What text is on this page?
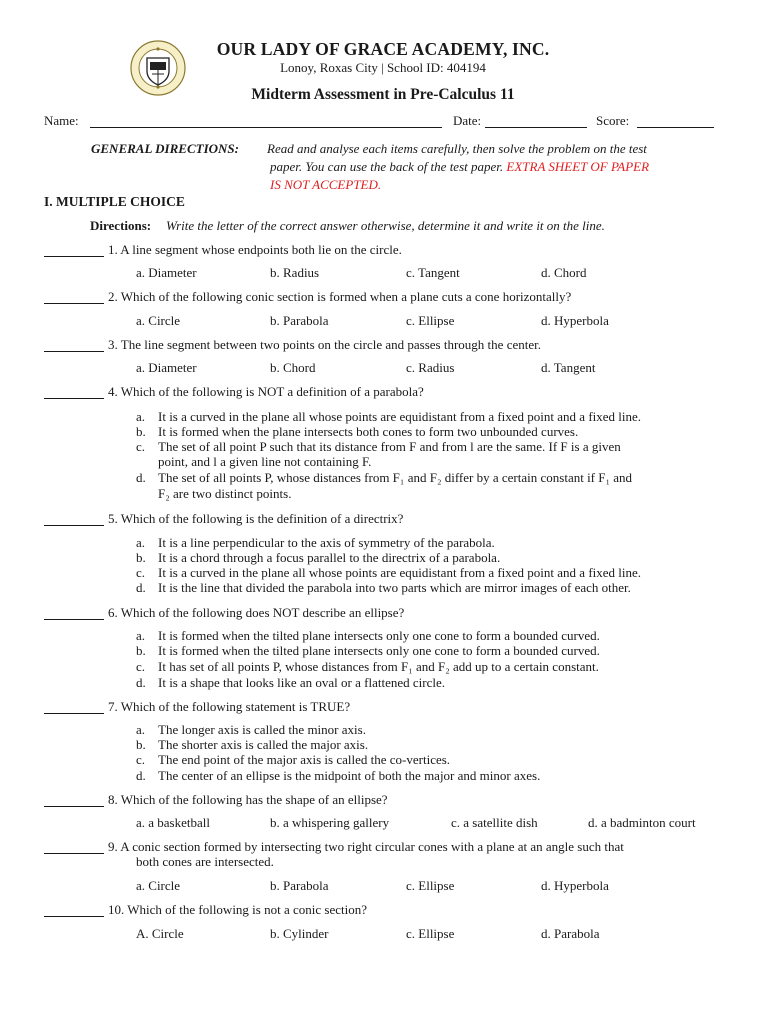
OUR LADY OF GRACE ACADEMY, INC.
Lonoy, Roxas City | School ID: 404194
Midterm Assessment in Pre-Calculus 11
Name:	Date:	Score:
GENERAL DIRECTIONS: Read and analyse each items carefully, then solve the problem on the test
paper. You can use the back of the test paper. EXTRA SHEET OF PAPER
IS NOT ACCEPTED.
I. MULTIPLE CHOICE
Directions: Write the letter of the correct answer otherwise, determine it and write it on the line.
1. A line segment whose endpoints both lie on the circle.
a. Diameter	b. Radius	c. Tangent	d. Chord
2. Which of the following conic section is formed when a plane cuts a cone horizontally?
a. Circle	b. Parabola	c. Ellipse	d. Hyperbola
3. The line segment between two points on the circle and passes through the center.
a. Diameter	b. Chord	c. Radius	d. Tangent
4. Which of the following is NOT a definition of a parabola?
a. It is a curved in the plane all whose points are equidistant from a fixed point and a fixed line.
b. It is formed when the plane intersects both cones to form two unbounded curves.
c. The set of all point P such that its distance from F and from l are the same. If F is a given
point, and l a given line not containing F.
d. The set of all points P, whose distances from F₁ and F₂ differ by a certain constant if F₁ and
F₂ are two distinct points.
5. Which of the following is the definition of a directrix?
a. It is a line perpendicular to the axis of symmetry of the parabola.
b. It is a chord through a focus parallel to the directrix of a parabola.
c. It is a curved in the plane all whose points are equidistant from a fixed point and a fixed line.
d. It is the line that divided the parabola into two parts which are mirror images of each other.
6. Which of the following does NOT describe an ellipse?
a. It is formed when the tilted plane intersects only one cone to form a bounded curved.
b. It is formed when the tilted plane intersects only one cone to form a bounded curved.
c. It has set of all points P, whose distances from F₁ and F₂ add up to a certain constant.
d. It is a shape that looks like an oval or a flattened circle.
7. Which of the following statement is TRUE?
a. The longer axis is called the minor axis.
b. The shorter axis is called the major axis.
c. The end point of the major axis is called the co-vertices.
d. The center of an ellipse is the midpoint of both the major and minor axes.
8. Which of the following has the shape of an ellipse?
a. a basketball	b. a whispering gallery	c. a satellite dish	d. a badminton court
9. A conic section formed by intersecting two right circular cones with a plane at an angle such that
both cones are intersected.
a. Circle	b. Parabola	c. Ellipse	d. Hyperbola
10. Which of the following is not a conic section?
A. Circle	b. Cylinder	c. Ellipse	d. Parabola
